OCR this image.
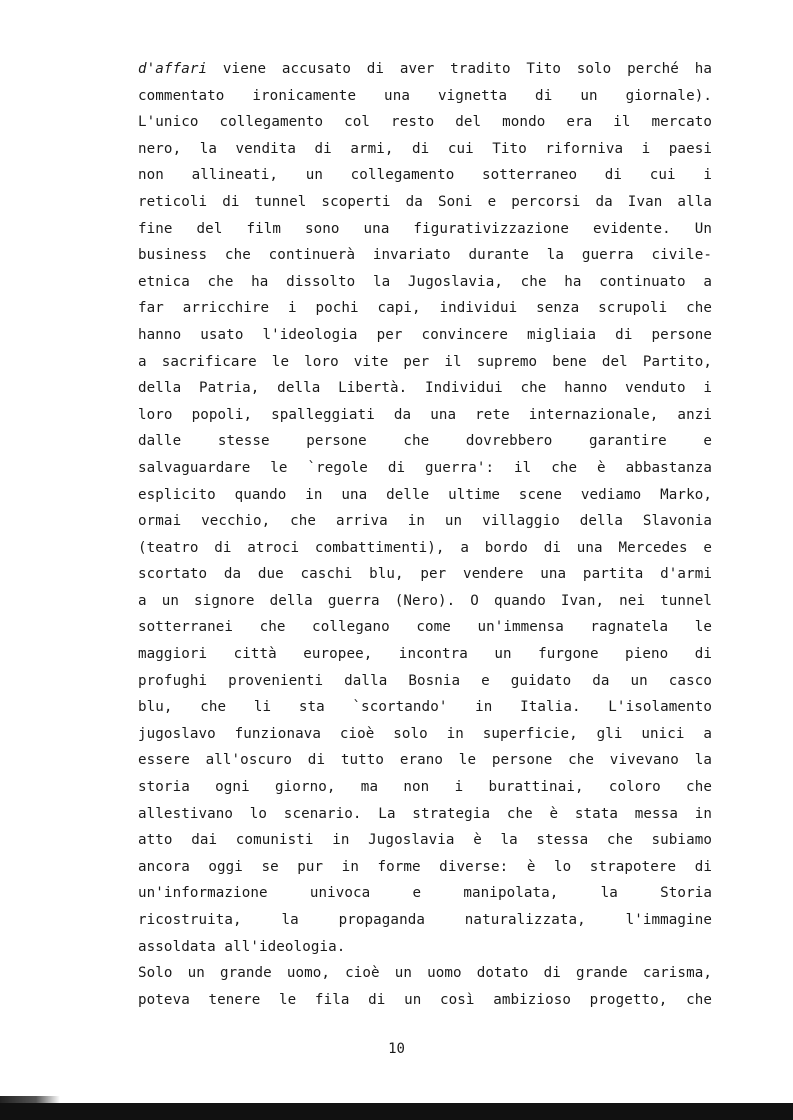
d'affari viene accusato di aver tradito Tito solo perché ha
commentato ironicamente una vignetta di un giornale).
L'unico collegamento col resto del mondo era il mercato
nero, la vendita di armi, di cui Tito riforniva i paesi
non allineati, un collegamento sotterraneo di cui i
reticoli di tunnel scoperti da Soni e percorsi da Ivan alla
fine del film sono una figurativizzazione evidente. Un
business che continuerà invariato durante la guerra civile-
etnica che ha dissolto la Jugoslavia, che ha continuato a
far arricchire i pochi capi, individui senza scrupoli che
hanno usato l'ideologia per convincere migliaia di persone
a sacrificare le loro vite per il supremo bene del Partito,
della Patria, della Libertà. Individui che hanno venduto i
loro popoli, spalleggiati da una rete internazionale, anzi
dalle stesse persone che dovrebbero garantire e
salvaguardare le `regole di guerra': il che è abbastanza
esplicito quando in una delle ultime scene vediamo Marko,
ormai vecchio, che arriva in un villaggio della Slavonia
(teatro di atroci combattimenti), a bordo di una Mercedes e
scortato da due caschi blu, per vendere una partita d'armi
a un signore della guerra (Nero). O quando Ivan, nei tunnel
sotterranei che collegano come un'immensa ragnatela le
maggiori città europee, incontra un furgone pieno di
profughi provenienti dalla Bosnia e guidato da un casco
blu, che li sta `scortando' in Italia. L'isolamento
jugoslavo funzionava cioè solo in superficie, gli unici a
essere all'oscuro di tutto erano le persone che vivevano la
storia ogni giorno, ma non i burattinai, coloro che
allestivano lo scenario. La strategia che è stata messa in
atto dai comunisti in Jugoslavia è la stessa che subiamo
ancora oggi se pur in forme diverse: è lo strapotere di
un'informazione univoca e manipolata, la Storia
ricostruita, la propaganda naturalizzata, l'immagine
assoldata all'ideologia.
Solo un grande uomo, cioè un uomo dotato di grande carisma,
poteva tenere le fila di un così ambizioso progetto, che
10
